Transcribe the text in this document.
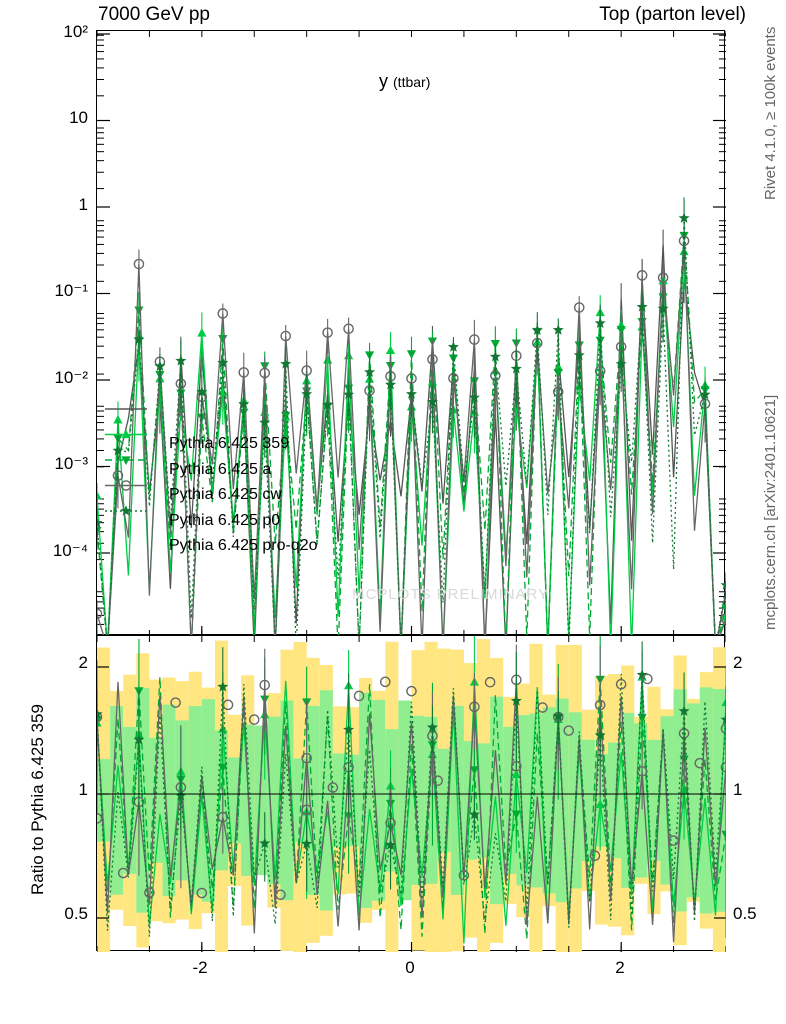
7000 GeV pp	Top (parton level)
Rivet 4.1.0, ≥ 100k events
mcplots.cern.ch [arXiv:2401.10621]
Ratio to Pythia 6.425 359
y (ttbar)
Pythia 6.425 359
Pythia 6.425 a
Pythia 6.425 cw
Pythia 6.425 p0
Pythia 6.425 pro-q2o
MCPLOTS PRELIMINARY
10²
10
1
10⁻¹
10⁻²
10⁻³
10⁻⁴
2
1
0.5
2
1
0.5
-2	0	2
